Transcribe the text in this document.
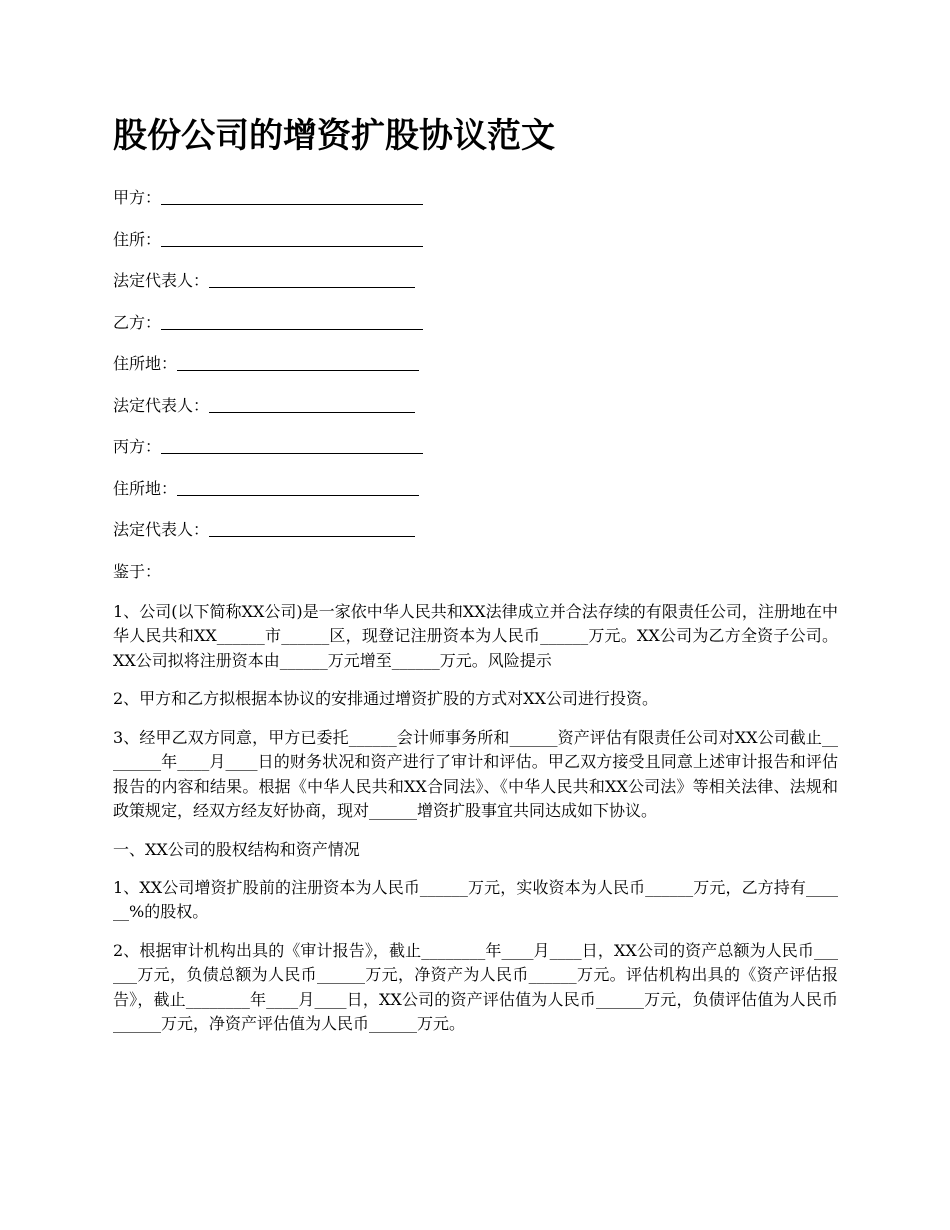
股份公司的增资扩股协议范文
甲方：
住所：
法定代表人：
乙方：
住所地：
法定代表人：
丙方：
住所地：
法定代表人：
鉴于：

1、公司(以下简称XX公司)是一家依中华人民共和XX法律成立并合法存续的有限责任公司，注册地在中华人民共和XX______市______区，现登记注册资本为人民币______万元。XX公司为乙方全资子公司。XX公司拟将注册资本由______万元增至______万元。风险提示

2、甲方和乙方拟根据本协议的安排通过增资扩股的方式对XX公司进行投资。

3、经甲乙双方同意，甲方已委托______会计师事务所和______资产评估有限责任公司对XX公司截止________年____月____日的财务状况和资产进行了审计和评估。甲乙双方接受且同意上述审计报告和评估报告的内容和结果。根据《中华人民共和XX合同法》、《中华人民共和XX公司法》等相关法律、法规和政策规定，经双方经友好协商，现对______增资扩股事宜共同达成如下协议。

一、XX公司的股权结构和资产情况

1、XX公司增资扩股前的注册资本为人民币______万元，实收资本为人民币______万元，乙方持有______%的股权。

2、根据审计机构出具的《审计报告》，截止________年____月____日，XX公司的资产总额为人民币______万元，负债总额为人民币______万元，净资产为人民币______万元。评估机构出具的《资产评估报告》，截止________年____月____日，XX公司的资产评估值为人民币______万元，负债评估值为人民币______万元，净资产评估值为人民币______万元。
